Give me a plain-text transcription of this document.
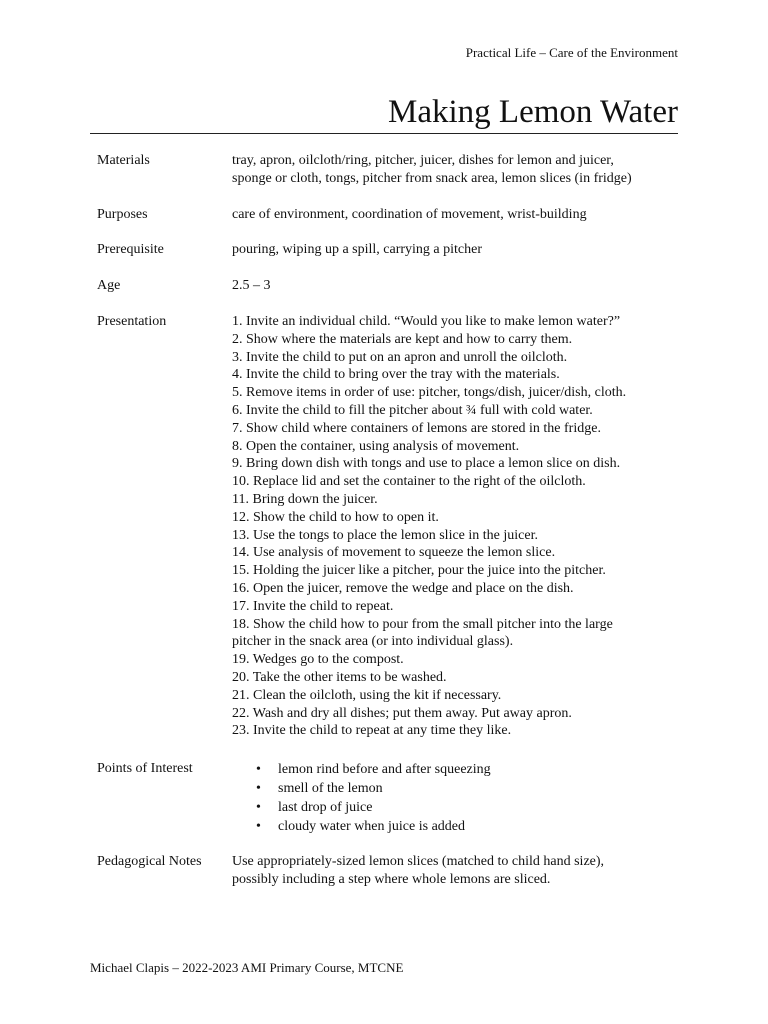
Practical Life – Care of the Environment
Making Lemon Water
Materials	tray, apron, oilcloth/ring, pitcher, juicer, dishes for lemon and juicer,
sponge or cloth, tongs, pitcher from snack area, lemon slices (in fridge)
Purposes	care of environment, coordination of movement, wrist-building
Prerequisite	pouring, wiping up a spill, carrying a pitcher
Age	2.5 – 3
Presentation	1. Invite an individual child. “Would you like to make lemon water?”
2. Show where the materials are kept and how to carry them.
3. Invite the child to put on an apron and unroll the oilcloth.
4. Invite the child to bring over the tray with the materials.
5. Remove items in order of use: pitcher, tongs/dish, juicer/dish, cloth.
6. Invite the child to fill the pitcher about ¾ full with cold water.
7. Show child where containers of lemons are stored in the fridge.
8. Open the container, using analysis of movement.
9. Bring down dish with tongs and use to place a lemon slice on dish.
10. Replace lid and set the container to the right of the oilcloth.
11. Bring down the juicer.
12. Show the child to how to open it.
13. Use the tongs to place the lemon slice in the juicer.
14. Use analysis of movement to squeeze the lemon slice.
15. Holding the juicer like a pitcher, pour the juice into the pitcher.
16. Open the juicer, remove the wedge and place on the dish.
17. Invite the child to repeat.
18. Show the child how to pour from the small pitcher into the large
pitcher in the snack area (or into individual glass).
19. Wedges go to the compost.
20. Take the other items to be washed.
21. Clean the oilcloth, using the kit if necessary.
22. Wash and dry all dishes; put them away. Put away apron.
23. Invite the child to repeat at any time they like.
Points of Interest
•	lemon rind before and after squeezing
• smell of the lemon
• last drop of juice
• cloudy water when juice is added
Pedagogical Notes Use appropriately-sized lemon slices (matched to child hand size),
possibly including a step where whole lemons are sliced.
Michael Clapis – 2022-2023 AMI Primary Course, MTCNE
